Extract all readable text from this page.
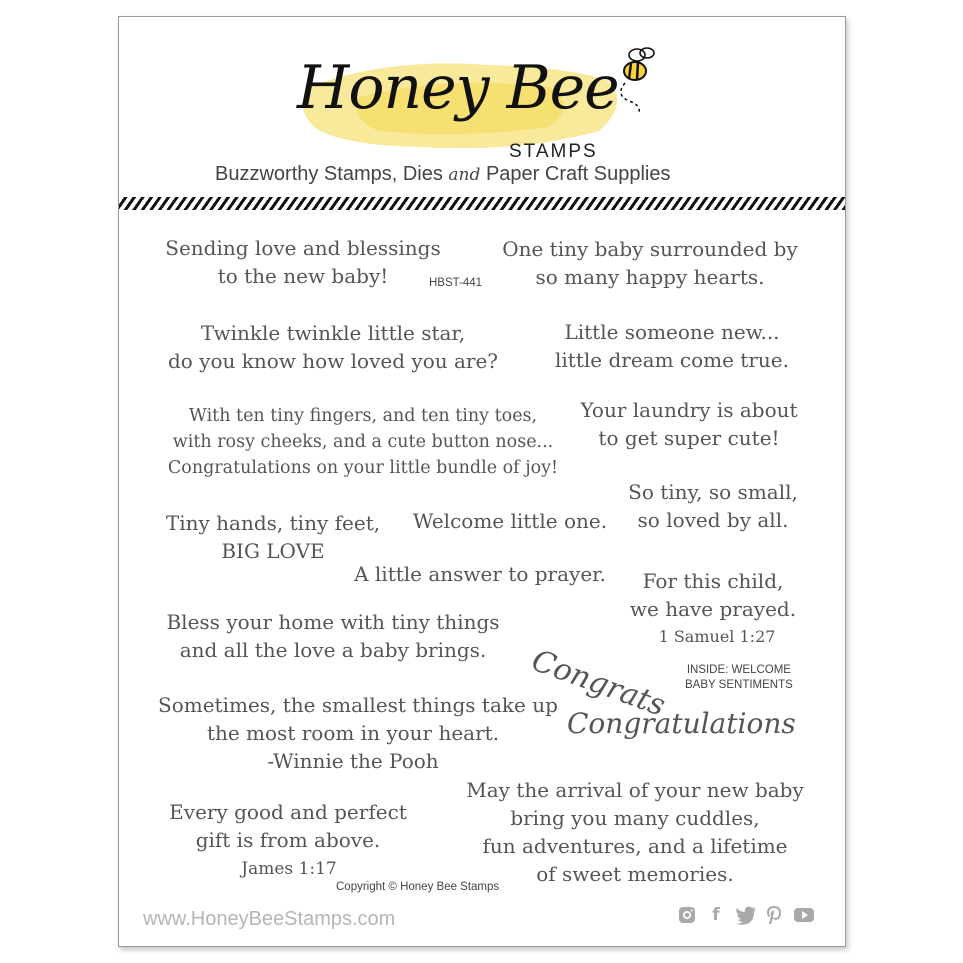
Honey Bee
STAMPS
Buzzworthy Stamps, Dies and Paper Craft Supplies
Sending love and blessings
to the new baby!	HBST-441
One tiny baby surrounded by
so many happy hearts.
Twinkle twinkle little star,
do you know how loved you are?
Little someone new...
little dream come true.
With ten tiny fingers, and ten tiny toes,
with rosy cheeks, and a cute button nose...
Congratulations on your little bundle of joy!
Your laundry is about
to get super cute!
So tiny, so small,
so loved by all.
Tiny hands, tiny feet,
BIG LOVE
Welcome little one.
A little answer to prayer.	For this child,
we have prayed.
1 Samuel 1:27
Bless your home with tiny things
and all the love a baby brings.	Congrats INSIDE: WELCOME
BABY SENTIMENTS
Sometimes, the smallest things take up
the most room in your heart.
-Winnie the Pooh
Congratulations
Every good and perfect
gift is from above.
James 1:17
May the arrival of your new baby
bring you many cuddles,
fun adventures, and a lifetime
of sweet memories.
Copyright © Honey Bee Stamps
www.HoneyBeeStamps.com	f
